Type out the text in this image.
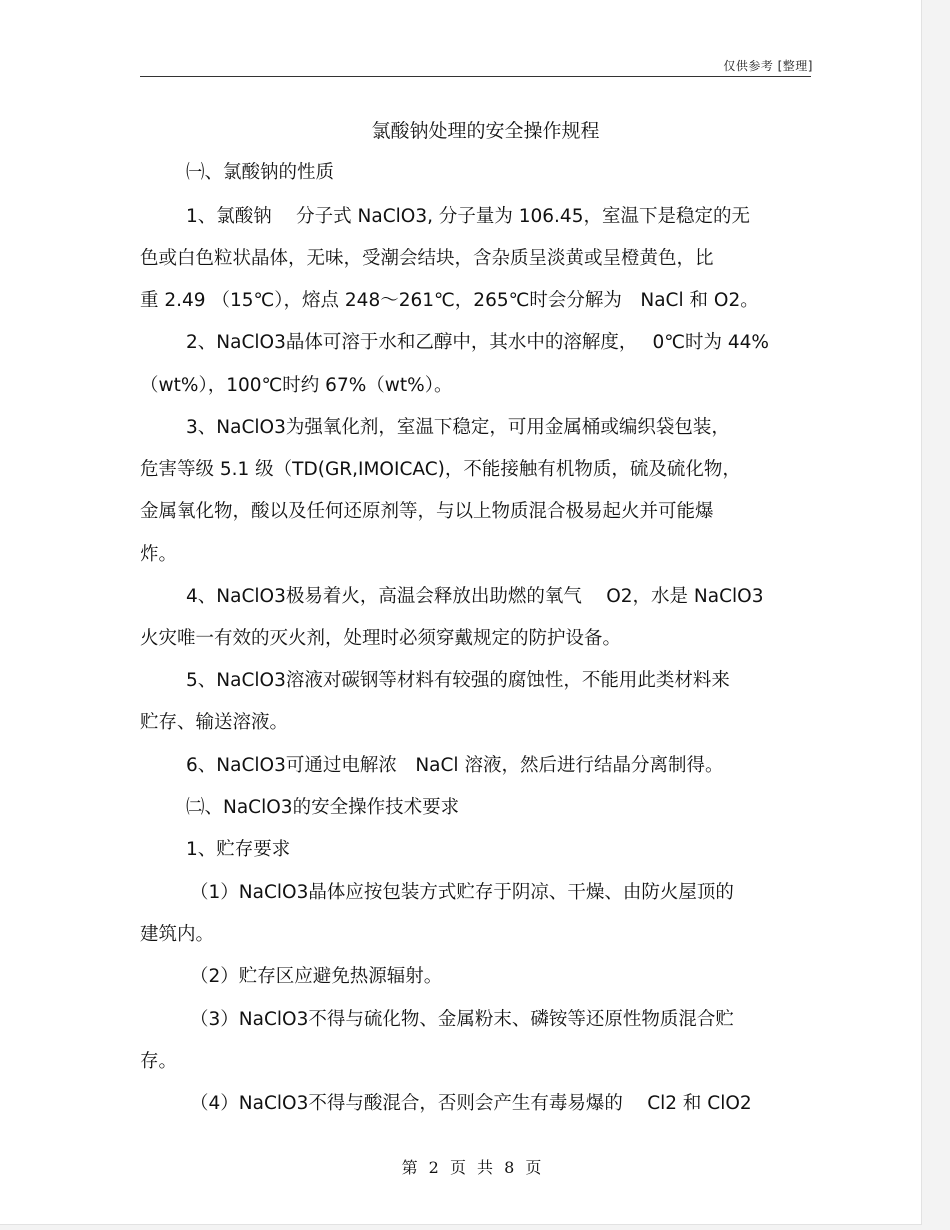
仅供参考 [整理]
氯酸钠处理的安全操作规程
㈠、氯酸钠的性质
1、氯酸钠　 分子式 NaClO3, 分子量为 106.45，室温下是稳定的无
色或白色粒状晶体，无味，受潮会结块，含杂质呈淡黄或呈橙黄色，比
重 2.49 （15℃），熔点 248～261℃，265℃时会分解为　NaCl 和 O2。
2、NaClO3晶体可溶于水和乙醇中，其水中的溶解度，　 0℃时为 44%
（wt%），100℃时约 67%（wt%）。
3、NaClO3为强氧化剂，室温下稳定，可用金属桶或编织袋包装，
危害等级 5.1 级（TD(GR,IMOICAC)，不能接触有机物质，硫及硫化物，
金属氧化物，酸以及任何还原剂等，与以上物质混合极易起火并可能爆
炸。
4、NaClO3极易着火，高温会释放出助燃的氧气　 O2，水是 NaClO3
火灾唯一有效的灭火剂，处理时必须穿戴规定的防护设备。
5、NaClO3溶液对碳钢等材料有较强的腐蚀性，不能用此类材料来
贮存、输送溶液。
6、NaClO3可通过电解浓　NaCl 溶液，然后进行结晶分离制得。
㈡、NaClO3的安全操作技术要求
1、贮存要求
（1）NaClO3晶体应按包装方式贮存于阴凉、干燥、由防火屋顶的
建筑内。
（2）贮存区应避免热源辐射。
（3）NaClO3不得与硫化物、金属粉末、磷铵等还原性物质混合贮
存。
（4）NaClO3不得与酸混合，否则会产生有毒易爆的　 Cl2 和 ClO2
第 2 页 共 8 页
